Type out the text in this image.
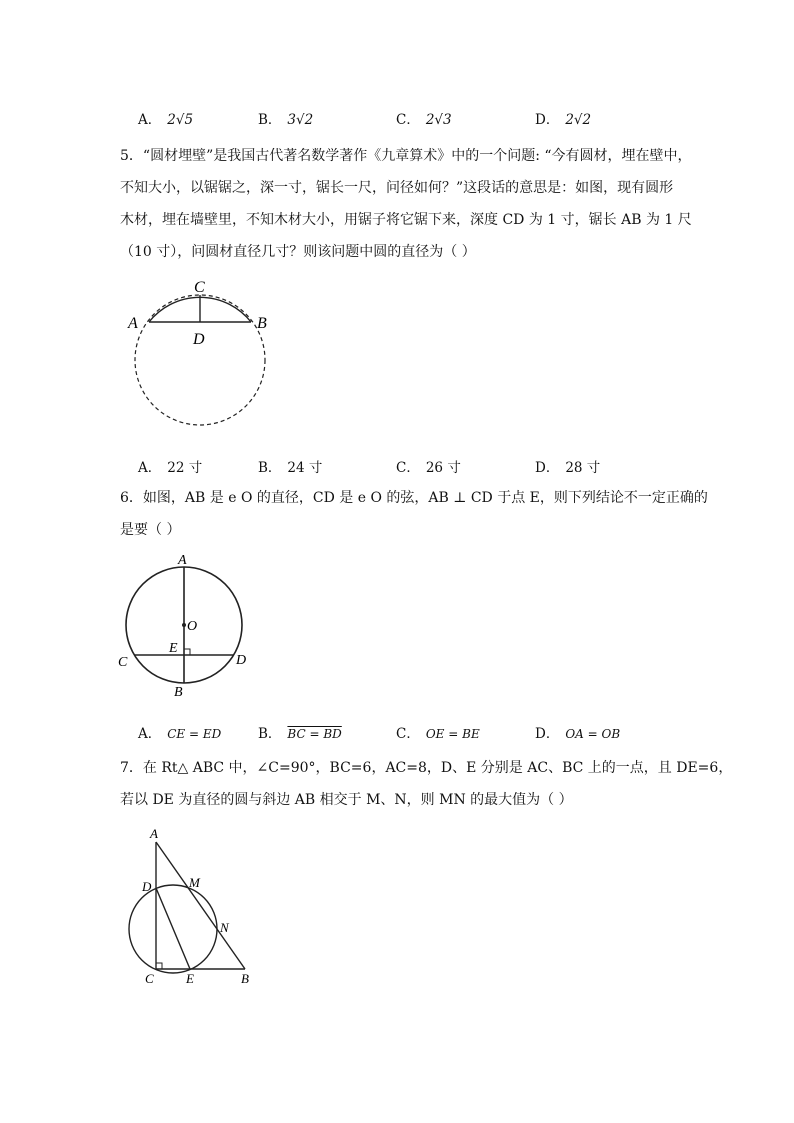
A． 2√5	B． 3√2	C． 2√3	D． 2√2

5．“圆材埋壁”是我国古代著名数学著作《九章算术》中的一个问题: “今有圆材，埋在壁中，

不知大小，以锯锯之，深一寸，锯长一尺，问径如何？”这段话的意思是：如图，现有圆形

木材，埋在墙壁里，不知木材大小，用锯子将它锯下来，深度 CD 为 1 寸，锯长 AB 为 1 尺

（10 寸），问圆材直径几寸？则该问题中圆的直径为（ ）

A	B
C
D
A． 22 寸	B． 24 寸	C． 26 寸	D． 28 寸

6．如图，AB 是 e O 的直径，CD 是 e O 的弦，AB ⊥ CD 于点 E，则下列结论不一定正确的

是要（ ）

A
B
C	D
E
O
A． CE = ED	B． BC = BD	C． OE = BE	D． OA = OB

7．在 Rt△ ABC 中，∠C=90°，BC=6，AC=8，D、E 分别是 AC、BC 上的一点，且 DE=6，

若以 DE 为直径的圆与斜边 AB 相交于 M、N，则 MN 的最大值为（ ）

A
B
C
D
E
M
N
